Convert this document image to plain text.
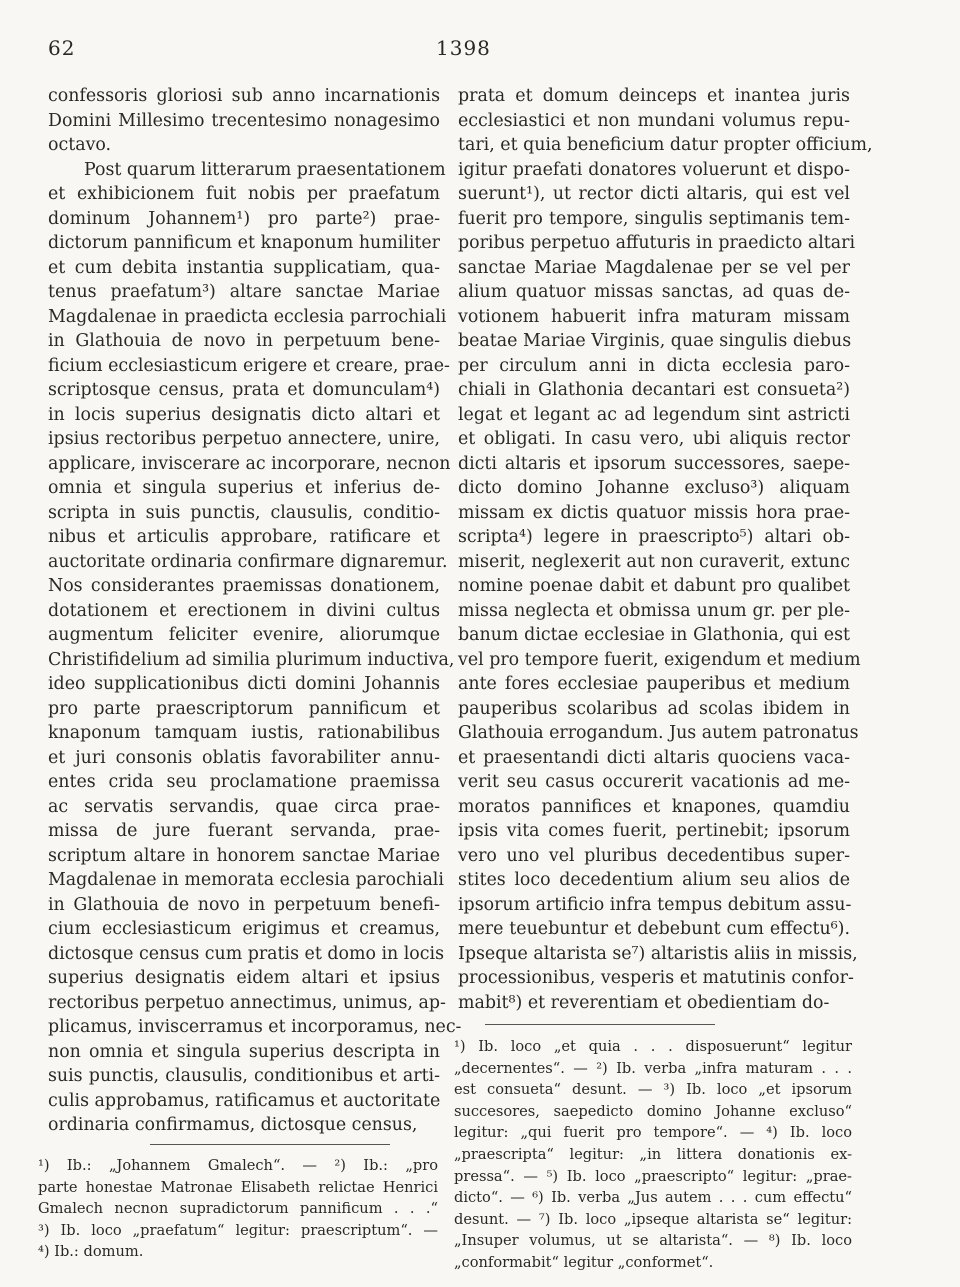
62	1398
confessoris gloriosi sub anno incarnationis
Domini Millesimo trecentesimo nonagesimo
octavo.
Post quarum litterarum praesentationem
et exhibicionem fuit nobis per praefatum
dominum Johannem¹) pro parte²) prae-
dictorum pannificum et knaponum humiliter
et cum debita instantia supplicatiam, qua-
tenus praefatum³) altare sanctae Mariae
Magdalenae in praedicta ecclesia parrochiali
in Glathouia de novo in perpetuum bene-
ficium ecclesiasticum erigere et creare, prae-
scriptosque census, prata et domunculam⁴)
in locis superius designatis dicto altari et
ipsius rectoribus perpetuo annectere, unire,
applicare, inviscerare ac incorporare, necnon
omnia et singula superius et inferius de-
scripta in suis punctis, clausulis, conditio-
nibus et articulis approbare, ratificare et
auctoritate ordinaria confirmare dignaremur.
Nos considerantes praemissas donationem,
dotationem et erectionem in divini cultus
augmentum feliciter evenire, aliorumque
Christifidelium ad similia plurimum inductiva,
ideo supplicationibus dicti domini Johannis
pro parte praescriptorum pannificum et
knaponum tamquam iustis, rationabilibus
et juri consonis oblatis favorabiliter annu-
entes crida seu proclamatione praemissa
ac servatis servandis, quae circa prae-
missa de jure fuerant servanda, prae-
scriptum altare in honorem sanctae Mariae
Magdalenae in memorata ecclesia parochiali
in Glathouia de novo in perpetuum benefi-
cium ecclesiasticum erigimus et creamus,
dictosque census cum pratis et domo in locis
superius designatis eidem altari et ipsius
rectoribus perpetuo annectimus, unimus, ap-
plicamus, inviscerramus et incorporamus, nec-
non omnia et singula superius descripta in
suis punctis, clausulis, conditionibus et arti-
culis approbamus, ratificamus et auctoritate
ordinaria confirmamus, dictosque census,
prata et domum deinceps et inantea juris
ecclesiastici et non mundani volumus repu-
tari, et quia beneficium datur propter officium,
igitur praefati donatores voluerunt et dispo-
suerunt¹), ut rector dicti altaris, qui est vel
fuerit pro tempore, singulis septimanis tem-
poribus perpetuo affuturis in praedicto altari
sanctae Mariae Magdalenae per se vel per
alium quatuor missas sanctas, ad quas de-
votionem habuerit infra maturam missam
beatae Mariae Virginis, quae singulis diebus
per circulum anni in dicta ecclesia paro-
chiali in Glathonia decantari est consueta²)
legat et legant ac ad legendum sint astricti
et obligati. In casu vero, ubi aliquis rector
dicti altaris et ipsorum successores, saepe-
dicto domino Johanne excluso³) aliquam
missam ex dictis quatuor missis hora prae-
scripta⁴) legere in praescripto⁵) altari ob-
miserit, neglexerit aut non curaverit, extunc
nomine poenae dabit et dabunt pro qualibet
missa neglecta et obmissa unum gr. per ple-
banum dictae ecclesiae in Glathonia, qui est
vel pro tempore fuerit, exigendum et medium
ante fores ecclesiae pauperibus et medium
pauperibus scolaribus ad scolas ibidem in
Glathouia errogandum. Jus autem patronatus
et praesentandi dicti altaris quociens vaca-
verit seu casus occurerit vacationis ad me-
moratos pannifices et knapones, quamdiu
ipsis vita comes fuerit, pertinebit; ipsorum
vero uno vel pluribus decedentibus super-
stites loco decedentium alium seu alios de
ipsorum artificio infra tempus debitum assu-
mere teuebuntur et debebunt cum effectu⁶).
Ipseque altarista se⁷) altaristis aliis in missis,
processionibus, vesperis et matutinis confor-
mabit⁸) et reverentiam et obedientiam do-
¹) Ib.: „Johannem Gmalech“. — ²) Ib.: „pro
parte honestae Matronae Elisabeth relictae Henrici
Gmalech necnon supradictorum pannificum . . .“
³) Ib. loco „praefatum“ legitur: praescriptum“. —
⁴) Ib.: domum.
¹) Ib. loco „et quia . . . disposuerunt“ legitur
„decernentes“. — ²) Ib. verba „infra maturam . . .
est consueta“ desunt. — ³) Ib. loco „et ipsorum
succesores, saepedicto domino Johanne excluso“
legitur: „qui fuerit pro tempore“. — ⁴) Ib. loco
„praescripta“ legitur: „in littera donationis ex-
pressa“. — ⁵) Ib. loco „praescripto“ legitur: „prae-
dicto“. — ⁶) Ib. verba „Jus autem . . . cum effectu“
desunt. — ⁷) Ib. loco „ipseque altarista se“ legitur:
„Insuper volumus, ut se altarista“. — ⁸) Ib. loco
„conformabit“ legitur „conformet“.
